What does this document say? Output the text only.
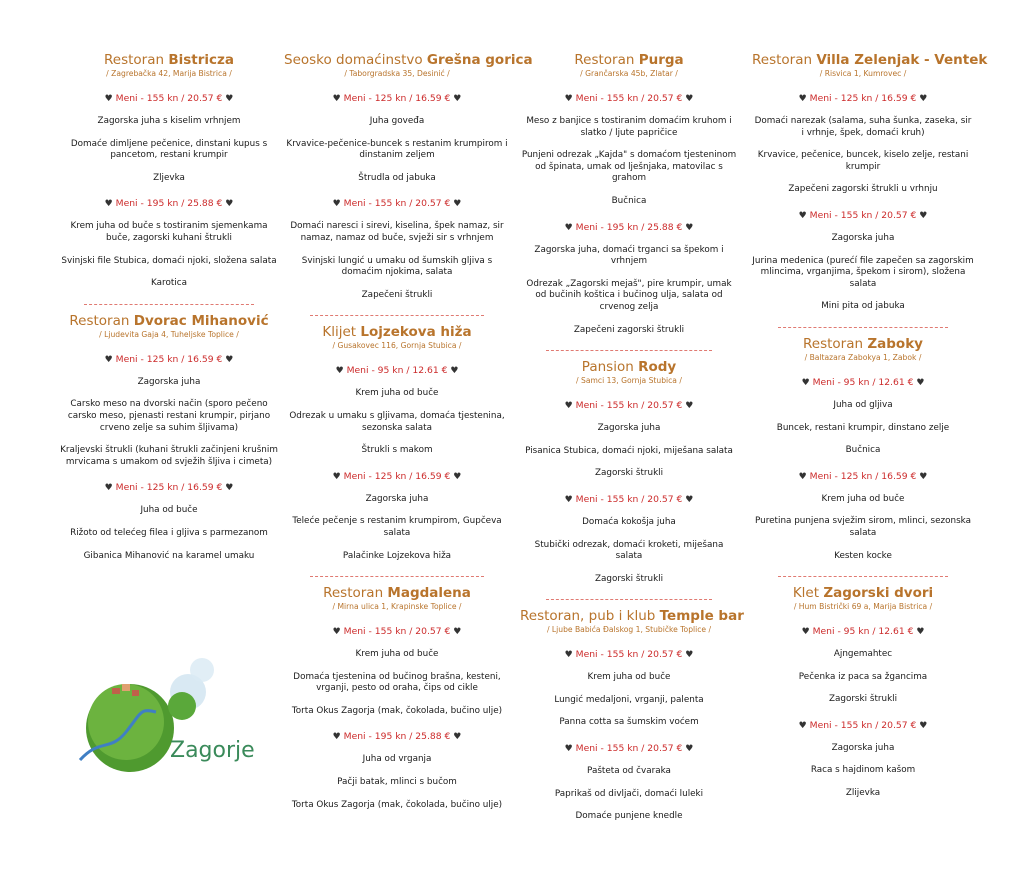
Restoran Bistricza
/ Zagrebačka 42, Marija Bistrica /
♥ Meni - 155 kn / 20.57 € ♥
Zagorska juha s kiselim vrhnjem
Domaće dimljene pečenice, dinstani kupus s pancetom, restani krumpir
Zljevka
♥ Meni - 195 kn / 25.88 € ♥
Krem juha od buče s tostiranim sjemenkama buče, zagorski kuhani štrukli
Svinjski file Stubica, domaći njoki, složena salata
Karotica
Restoran Dvorac Mihanović
/ Ljudevita Gaja 4, Tuheljske Toplice /
♥ Meni - 125 kn / 16.59 € ♥
Zagorska juha
Carsko meso na dvorski način (sporo pečeno carsko meso, pjenasti restani krumpir, pirjano crveno zelje sa suhim šljivama)
Kraljevski štrukli (kuhani štrukli začinjeni krušnim mrvicama s umakom od svježih šljiva i cimeta)
♥ Meni - 125 kn / 16.59 € ♥
Juha od buče
Rižoto od telećeg filea i gljiva s parmezanom
Gibanica Mihanović na karamel umaku
Zagorje
Seosko domaćinstvo Grešna gorica
/ Taborgradska 35, Desinić /
♥ Meni - 125 kn / 16.59 € ♥
Juha goveđa
Krvavice-pečenice-buncek s restanim krumpirom i dinstanim zeljem
Štrudla od jabuka
♥ Meni - 155 kn / 20.57 € ♥
Domaći naresci i sirevi, kiselina, špek namaz, sir namaz, namaz od buče, svježi sir s vrhnjem
Svinjski lungić u umaku od šumskih gljiva s domaćim njokima, salata
Zapečeni štrukli
Klijet Lojzekova hiža
/ Gusakovec 116, Gornja Stubica /
♥ Meni - 95 kn / 12.61 € ♥
Krem juha od buče
Odrezak u umaku s gljivama, domaća tjestenina, sezonska salata
Štrukli s makom
♥ Meni - 125 kn / 16.59 € ♥
Zagorska juha
Teleće pečenje s restanim krumpirom, Gupčeva salata
Palačinke Lojzekova hiža
Restoran Magdalena
/ Mirna ulica 1, Krapinske Toplice /
♥ Meni - 155 kn / 20.57 € ♥
Krem juha od buče
Domaća tjestenina od bučinog brašna, kesteni, vrganji, pesto od oraha, čips od cikle
Torta Okus Zagorja (mak, čokolada, bučino ulje)
♥ Meni - 195 kn / 25.88 € ♥
Juha od vrganja
Pačji batak, mlinci s bučom
Torta Okus Zagorja (mak, čokolada, bučino ulje)
Restoran Purga
/ Grančarska 45b, Zlatar /
♥ Meni - 155 kn / 20.57 € ♥
Meso z banjice s tostiranim domaćim kruhom i slatko / ljute papričice
Punjeni odrezak „Kajda" s domaćom tjesteninom od špinata, umak od lješnjaka, matovilac s grahom
Bučnica
♥ Meni - 195 kn / 25.88 € ♥
Zagorska juha, domaći trganci sa špekom i vrhnjem
Odrezak „Zagorski mejaš", pire krumpir, umak od bučinih koštica i bučinog ulja, salata od crvenog zelja
Zapečeni zagorski štrukli
Pansion Rody
/ Samci 13, Gornja Stubica /
♥ Meni - 155 kn / 20.57 € ♥
Zagorska juha
Pisanica Stubica, domaći njoki, miješana salata
Zagorski štrukli
♥ Meni - 155 kn / 20.57 € ♥
Domaća kokošja juha
Stubički odrezak, domaći kroketi, miješana salata
Zagorski štrukli
Restoran, pub i klub Temple bar
/ Ljube Babića Đalskog 1, Stubičke Toplice /
♥ Meni - 155 kn / 20.57 € ♥
Krem juha od buče
Lungić medaljoni, vrganji, palenta
Panna cotta sa šumskim voćem
♥ Meni - 155 kn / 20.57 € ♥
Pašteta od čvaraka
Paprikaš od divljači, domaći luleki
Domaće punjene knedle
Restoran Villa Zelenjak - Ventek
/ Risvica 1, Kumrovec /
♥ Meni - 125 kn / 16.59 € ♥
Domaći narezak (salama, suha šunka, zaseka, sir i vrhnje, špek, domaći kruh)
Krvavice, pečenice, buncek, kiselo zelje, restani krumpir
Zapečeni zagorski štrukli u vrhnju
♥ Meni - 155 kn / 20.57 € ♥
Zagorska juha
Jurina medenica (purećí file zapečen sa zagorskim mlincima, vrganjima, špekom i sirom), složena salata
Mini pita od jabuka
Restoran Zaboky
/ Baltazara Zabokya 1, Zabok /
♥ Meni - 95 kn / 12.61 € ♥
Juha od gljiva
Buncek, restani krumpir, dinstano zelje
Bučnica
♥ Meni - 125 kn / 16.59 € ♥
Krem juha od buče
Puretina punjena svježim sirom, mlinci, sezonska salata
Kesten kocke
Klet Zagorski dvori
/ Hum Bistrički 69 a, Marija Bistrica /
♥ Meni - 95 kn / 12.61 € ♥
Ajngemahtec
Pečenka iz paca sa žgancima
Zagorski štrukli
♥ Meni - 155 kn / 20.57 € ♥
Zagorska juha
Raca s hajdinom kašom
Zlijevka
